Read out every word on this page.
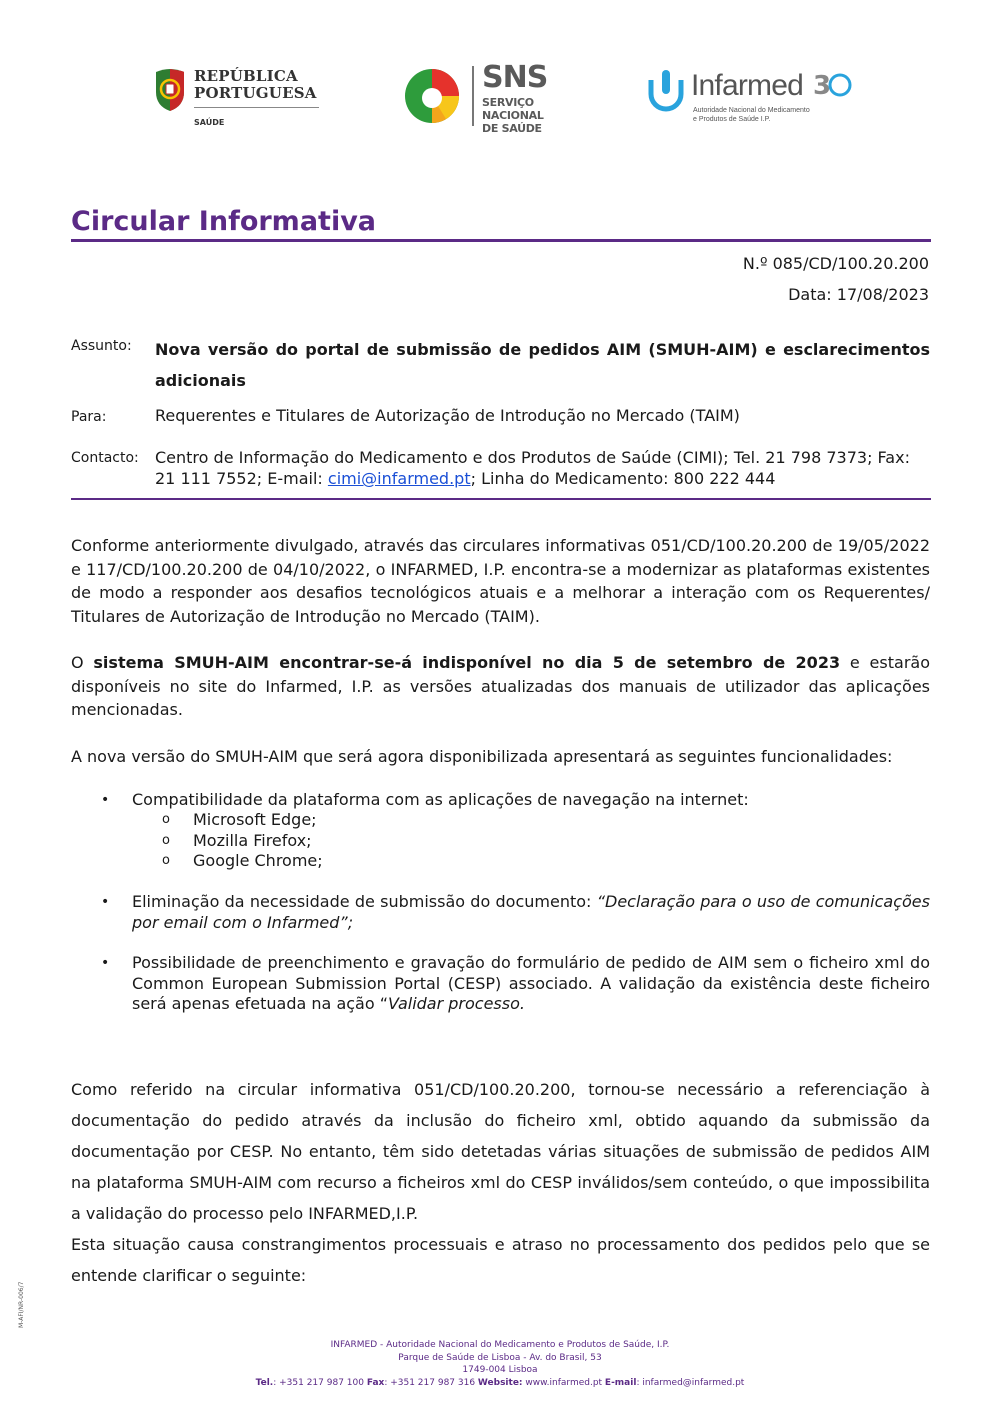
REPÚBLICA
PORTUGUESA
SAÚDE
SNS
SERVIÇO NACIONAL
DE SAÚDE
Infarmed 3
Autoridade Nacional do Medicamento
e Produtos de Saúde I.P.
Circular Informativa
N.º 085/CD/100.20.200
Data: 17/08/2023
Assunto: Nova versão do portal de submissão de pedidos AIM (SMUH-AIM) e esclarecimentos adicionais
Para:	Requerentes e Titulares de Autorização de Introdução no Mercado (TAIM)
Contacto: Centro de Informação do Medicamento e dos Produtos de Saúde (CIMI); Tel. 21 798 7373; Fax: 21 111 7552; E-mail: cimi@infarmed.pt; Linha do Medicamento: 800 222 444
Conforme anteriormente divulgado, através das circulares informativas 051/CD/100.20.200 de 19/05/2022 e 117/CD/100.20.200 de 04/10/2022, o INFARMED, I.P. encontra-se a modernizar as plataformas existentes de modo a responder aos desafios tecnológicos atuais e a melhorar a interação com os Requerentes/ Titulares de Autorização de Introdução no Mercado (TAIM).
O sistema SMUH-AIM encontrar-se-á indisponível no dia 5 de setembro de 2023 e estarão disponíveis no site do Infarmed, I.P. as versões atualizadas dos manuais de utilizador das aplicações mencionadas.
A nova versão do SMUH-AIM que será agora disponibilizada apresentará as seguintes funcionalidades:
• Compatibilidade da plataforma com as aplicações de navegação na internet:
o Microsoft Edge;
o Mozilla Firefox;
o Google Chrome;
• Eliminação da necessidade de submissão do documento: “Declaração para o uso de comunicações por email com o Infarmed”;
• Possibilidade de preenchimento e gravação do formulário de pedido de AIM sem o ficheiro xml do Common European Submission Portal (CESP) associado. A validação da existência deste ficheiro será apenas efetuada na ação “Validar processo.
Como referido na circular informativa 051/CD/100.20.200, tornou-se necessário a referenciação à documentação do pedido através da inclusão do ficheiro xml, obtido aquando da submissão da documentação por CESP. No entanto, têm sido detetadas várias situações de submissão de pedidos AIM na plataforma SMUH-AIM com recurso a ficheiros xml do CESP inválidos/sem conteúdo, o que impossibilita a validação do processo pelo INFARMED,I.P.
Esta situação causa constrangimentos processuais e atraso no processamento dos pedidos pelo que se entende clarificar o seguinte:
M-AFI/NR-006/7
INFARMED - Autoridade Nacional do Medicamento e Produtos de Saúde, I.P.
Parque de Saúde de Lisboa - Av. do Brasil, 53
1749-004 Lisboa
Tel.: +351 217 987 100 Fax: +351 217 987 316 Website: www.infarmed.pt E-mail: infarmed@infarmed.pt
